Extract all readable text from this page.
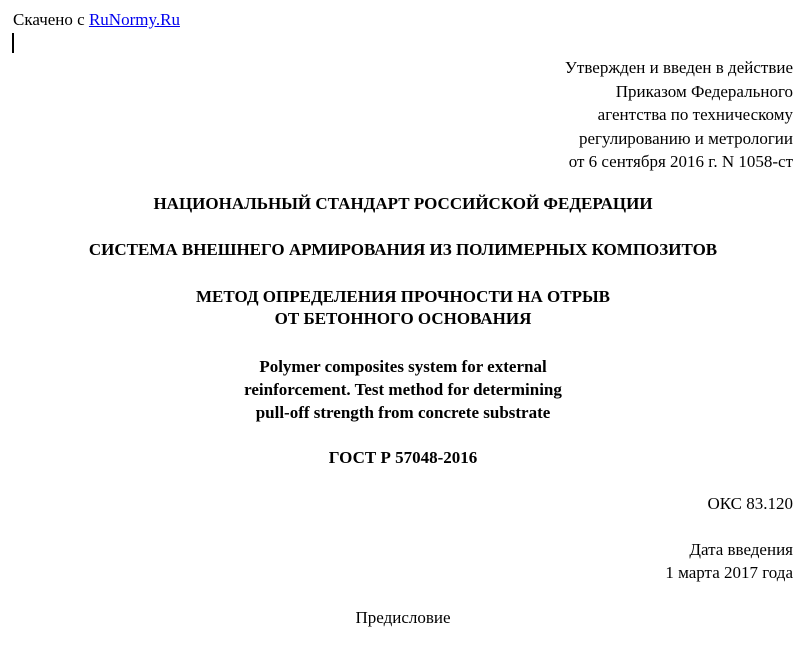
Скачено с RuNormy.Ru
Утвержден и введен в действие
Приказом Федерального
агентства по техническому
регулированию и метрологии
от 6 сентября 2016 г. N 1058-ст
НАЦИОНАЛЬНЫЙ СТАНДАРТ РОССИЙСКОЙ ФЕДЕРАЦИИ
СИСТЕМА ВНЕШНЕГО АРМИРОВАНИЯ ИЗ ПОЛИМЕРНЫХ КОМПОЗИТОВ
МЕТОД ОПРЕДЕЛЕНИЯ ПРОЧНОСТИ НА ОТРЫВ
ОТ БЕТОННОГО ОСНОВАНИЯ
Polymer composites system for external
reinforcement. Test method for determining
pull-off strength from concrete substrate
ГОСТ Р 57048-2016
ОКС 83.120
Дата введения
1 марта 2017 года
Предисловие
